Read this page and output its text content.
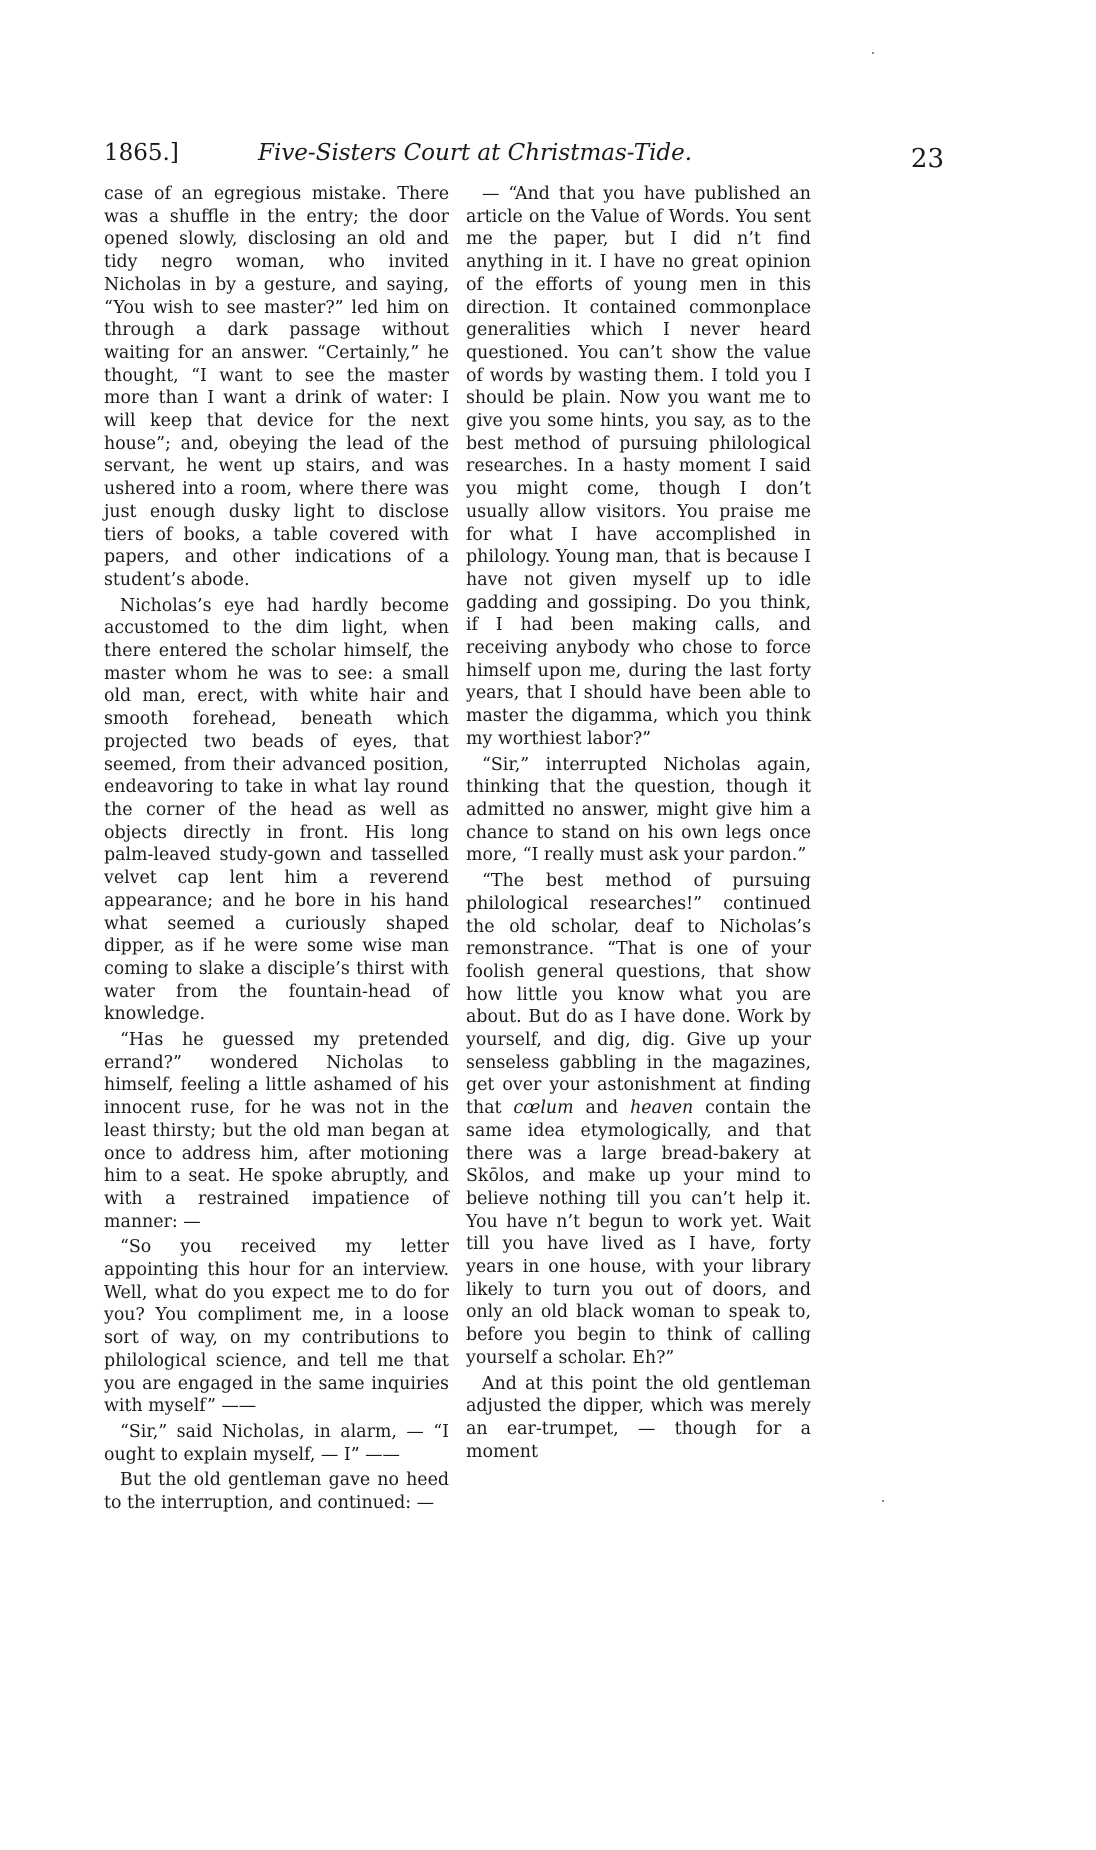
1865.]	Five-Sisters Court at Christmas-Tide.	23

case of an egregious mistake. There was a shuffle in the entry; the door opened slowly, disclosing an old and tidy negro woman, who invited Nicholas in by a gesture, and saying, “You wish to see master?” led him on through a dark passage without waiting for an answer. “Certainly,” he thought, “I want to see the master more than I want a drink of water: I will keep that device for the next house”; and, obeying the lead of the servant, he went up stairs, and was ushered into a room, where there was just enough dusky light to disclose tiers of books, a table covered with papers, and other indications of a student’s abode.

Nicholas’s eye had hardly become accustomed to the dim light, when there entered the scholar himself, the master whom he was to see: a small old man, erect, with white hair and smooth forehead, beneath which projected two beads of eyes, that seemed, from their advanced position, endeavoring to take in what lay round the corner of the head as well as objects directly in front. His long palm-leaved study-gown and tasselled velvet cap lent him a reverend appearance; and he bore in his hand what seemed a curiously shaped dipper, as if he were some wise man coming to slake a disciple’s thirst with water from the fountain-head of knowledge.

“Has he guessed my pretended errand?” wondered Nicholas to himself, feeling a little ashamed of his innocent ruse, for he was not in the least thirsty; but the old man began at once to address him, after motioning him to a seat. He spoke abruptly, and with a restrained impatience of manner: —

“So you received my letter appointing this hour for an interview. Well, what do you expect me to do for you? You compliment me, in a loose sort of way, on my contributions to philological science, and tell me that you are engaged in the same inquiries with myself” ——

“Sir,” said Nicholas, in alarm, — “I ought to explain myself, — I” ——

But the old gentleman gave no heed to the interruption, and continued: —

— “And that you have published an article on the Value of Words. You sent me the paper, but I did n’t find anything in it. I have no great opinion of the efforts of young men in this direction. It contained commonplace generalities which I never heard questioned. You can’t show the value of words by wasting them. I told you I should be plain. Now you want me to give you some hints, you say, as to the best method of pursuing philological researches. In a hasty moment I said you might come, though I don’t usually allow visitors. You praise me for what I have accomplished in philology. Young man, that is because I have not given myself up to idle gadding and gossiping. Do you think, if I had been making calls, and receiving anybody who chose to force himself upon me, during the last forty years, that I should have been able to master the digamma, which you think my worthiest labor?”

“Sir,” interrupted Nicholas again, thinking that the question, though it admitted no answer, might give him a chance to stand on his own legs once more, “I really must ask your pardon.”

“The best method of pursuing philological researches!” continued the old scholar, deaf to Nicholas’s remonstrance. “That is one of your foolish general questions, that show how little you know what you are about. But do as I have done. Work by yourself, and dig, dig. Give up your senseless gabbling in the magazines, get over your astonishment at finding that cœlum and heaven contain the same idea etymologically, and that there was a large bread-bakery at Skōlos, and make up your mind to believe nothing till you can’t help it. You have n’t begun to work yet. Wait till you have lived as I have, forty years in one house, with your library likely to turn you out of doors, and only an old black woman to speak to, before you begin to think of calling yourself a scholar. Eh?”

And at this point the old gentleman adjusted the dipper, which was merely an ear-trumpet, — though for a moment
